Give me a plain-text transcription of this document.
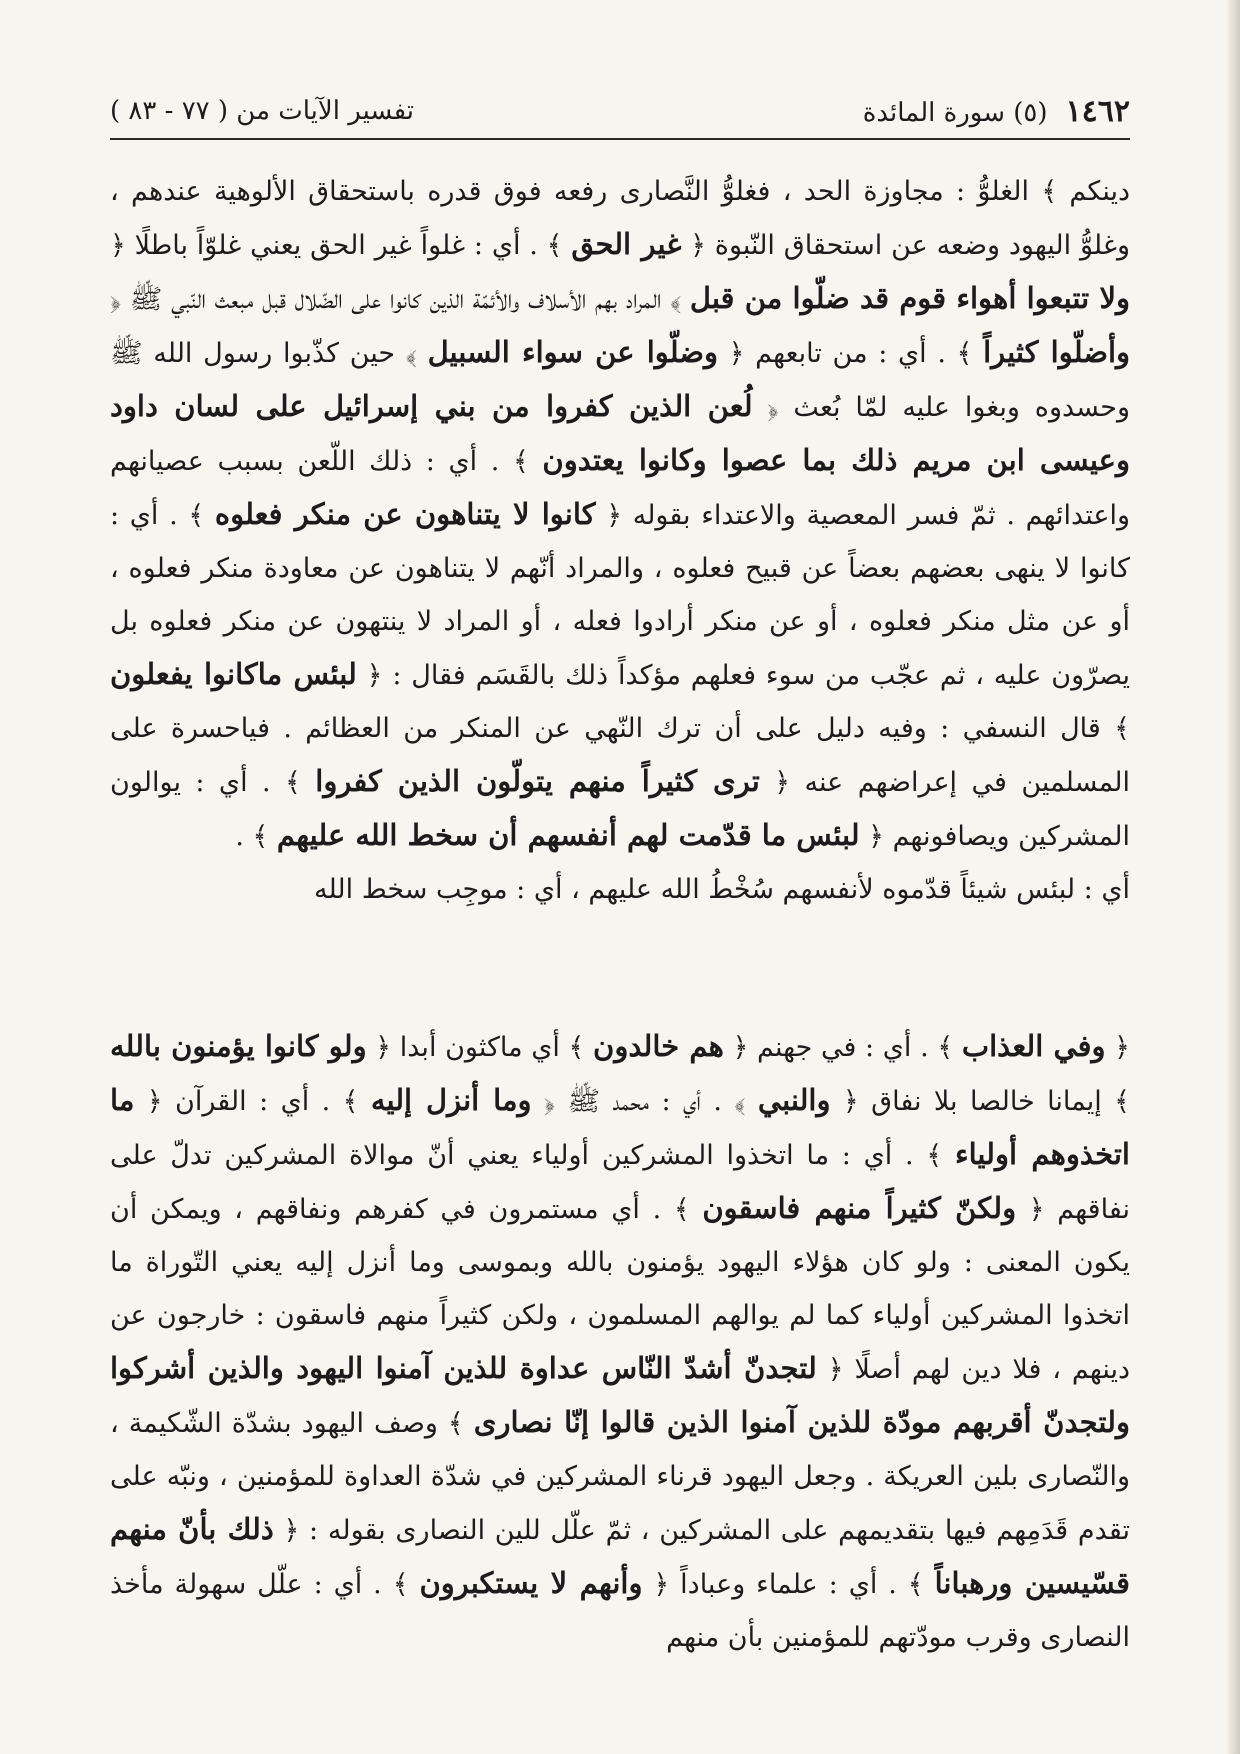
١٤٦٢
(٥) سورة المائدة
تفسير الآيات من ( ٧٧ - ٨٣ )

دينكم ﴾ الغلوُّ : مجاوزة الحد ، فغلوُّ النَّصارى رفعه فوق قدره باستحقاق الألوهية عندهم ، وغلوُّ اليهود وضعه عن استحقاق النّبوة ﴿ غير الحق ﴾ . أي : غلواً غير الحق يعني غلوّاً باطلًا ﴿ ولا تتبعوا أهواء قوم قد ضلّوا من قبل ﴾ المراد بهم الأسلاف والأئمّة الذين كانوا على الضّلال قبل مبعث النّبي ﷺ ﴿ وأضلّوا كثيراً ﴾ . أي : من تابعهم ﴿ وضلّوا عن سواء السبيل ﴾ حين كذّبوا رسول الله ﷺ وحسدوه وبغوا عليه لمّا بُعث ﴿ لُعن الذين كفروا من بني إسرائيل على لسان داود وعيسى ابن مريم ذلك بما عصوا وكانوا يعتدون ﴾ . أي : ذلك اللّعن بسبب عصيانهم واعتدائهم . ثمّ فسر المعصية والاعتداء بقوله ﴿ كانوا لا يتناهون عن منكر فعلوه ﴾ . أي : كانوا لا ينهى بعضهم بعضاً عن قبيح فعلوه ، والمراد أنّهم لا يتناهون عن معاودة منكر فعلوه ، أو عن مثل منكر فعلوه ، أو عن منكر أرادوا فعله ، أو المراد لا ينتهون عن منكر فعلوه بل يصرّون عليه ، ثم عجّب من سوء فعلهم مؤكداً ذلك بالقَسَم فقال : ﴿ لبئس ماكانوا يفعلون ﴾ قال النسفي : وفيه دليل على أن ترك النّهي عن المنكر من العظائم . فياحسرة على المسلمين في إعراضهم عنه ﴿ ترى كثيراً منهم يتولّون الذين كفروا ﴾ . أي : يوالون المشركين ويصافونهم ﴿ لبئس ما قدّمت لهم أنفسهم أن سخط الله عليهم ﴾ .

أي : لبئس شيئاً قدّموه لأنفسهم سُخْطُ الله عليهم ، أي : موجِب سخط الله

﴿ وفي العذاب ﴾ . أي : في جهنم ﴿ هم خالدون ﴾ أي ماكثون أبدا ﴿ ولو كانوا يؤمنون بالله ﴾ إيمانا خالصا بلا نفاق ﴿ والنبي ﴾ . أي : محمد ﷺ ﴿ وما أنزل إليه ﴾ . أي : القرآن ﴿ ما اتخذوهم أولياء ﴾ . أي : ما اتخذوا المشركين أولياء يعني أنّ موالاة المشركين تدلّ على نفاقهم ﴿ ولكنّ كثيراً منهم فاسقون ﴾ . أي مستمرون في كفرهم ونفاقهم ، ويمكن أن يكون المعنى : ولو كان هؤلاء اليهود يؤمنون بالله وبموسى وما أنزل إليه يعني التّوراة ما اتخذوا المشركين أولياء كما لم يوالهم المسلمون ، ولكن كثيراً منهم فاسقون : خارجون عن دينهم ، فلا دين لهم أصلًا ﴿ لتجدنّ أشدّ النّاس عداوة للذين آمنوا اليهود والذين أشركوا ولتجدنّ أقربهم مودّة للذين آمنوا الذين قالوا إنّا نصارى ﴾ وصف اليهود بشدّة الشّكيمة ، والنّصارى بلين العريكة . وجعل اليهود قرناء المشركين في شدّة العداوة للمؤمنين ، ونبّه على تقدم قَدَمِهم فيها بتقديمهم على المشركين ، ثمّ علّل للين النصارى بقوله : ﴿ ذلك بأنّ منهم قسّيسين ورهباناً ﴾ . أي : علماء وعباداً ﴿ وأنهم لا يستكبرون ﴾ . أي : علّل سهولة مأخذ النصارى وقرب مودّتهم للمؤمنين بأن منهم
